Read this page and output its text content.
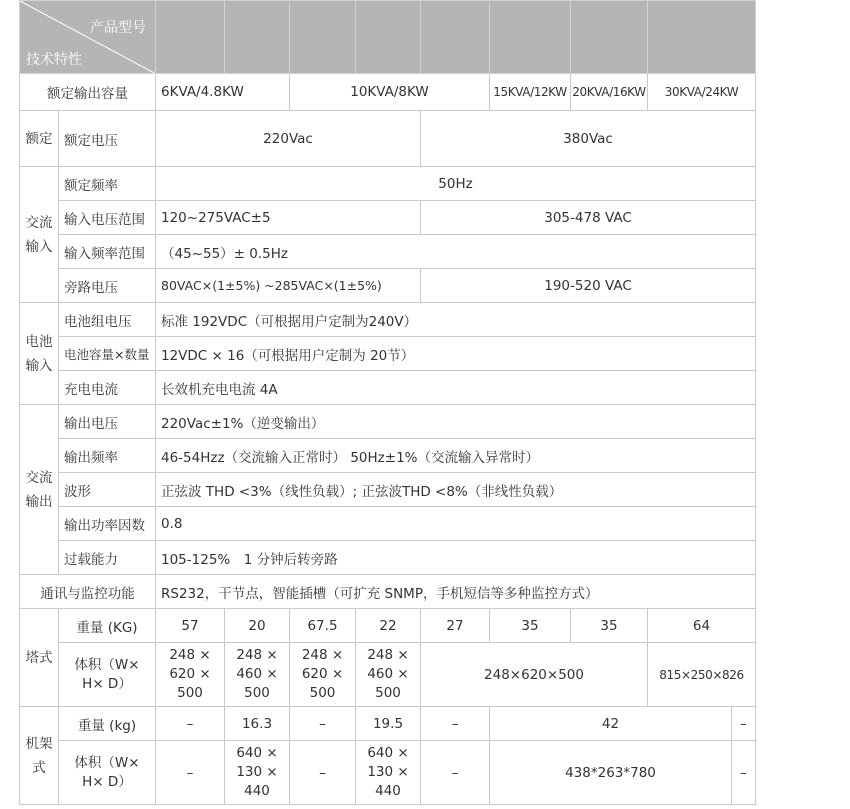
产品型号
技术特性										

额定输出容量		6KVA/4.8KW		10KVA/8KW			15KVA/12KW	20KVA/16KW	30KVA/24KW	
额定	额定电压	220Vac				380Vac				
交流输入	额定频率	50Hz								
	输入电压范围	120~275VAC±5				305-478 VAC				
	输入频率范围	（45~55）± 0.5Hz								
	旁路电压	80VAC×(1±5%) ~285VAC×(1±5%)				190-520 VAC				
电池输入	电池组电压	标准 192VDC（可根据用户定制为240V）								
	电池容量×数量	12VDC × 16（可根据用户定制为 20节）								
	充电电流	长效机充电电流 4A								
交流输出	输出电压	220Vac±1%（逆变输出）								
	输出频率	46-54Hzz（交流输入正常时） 50Hz±1%（交流输入异常时）								
	波形	正弦波 THD <3%（线性负载）; 正弦波THD <8%（非线性负载）								
	输出功率因数	0.8								
	过载能力	105-125%　1 分钟后转旁路								
通讯与监控功能		RS232，干节点，智能插槽（可扩充 SNMP，手机短信等多种监控方式）								
塔式	重量 (KG)	57	20	67.5	22	27	35	35	64	
	体积（W× H× D）	248 × 620 × 500	248 × 460 × 500	248 × 620 × 500	248 × 460 × 500	248×620×500			815×250×826	
机架式	重量 (kg)	–	16.3	–	19.5	–	42			–
	体积（W× H× D）	–	640 × 130 × 440	–	640 × 130 × 440	–	438*263*780			–
